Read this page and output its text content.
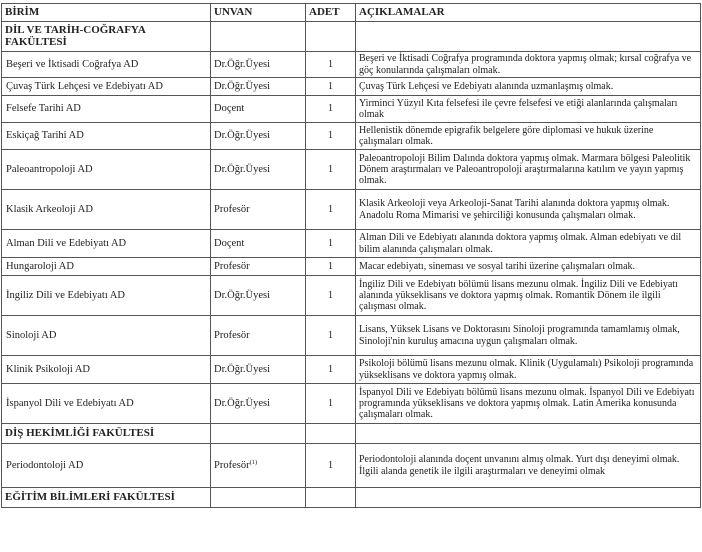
BİRİM	UNVAN	ADET	AÇIKLAMALAR
DİL VE TARİH-COĞRAFYA FAKÜLTESİ			
Beşeri ve İktisadi Coğrafya AD	Dr.Öğr.Üyesi	1	Beşeri ve İktisadi Coğrafya programında doktora yapmış olmak; kırsal coğrafya ve göç konularında çalışmaları olmak.
Çuvaş Türk Lehçesi ve Edebiyatı AD	Dr.Öğr.Üyesi	1	Çuvaş Türk Lehçesi ve Edebiyatı alanında uzmanlaşmış olmak.
Felsefe Tarihi AD	Doçent	1	Yirminci Yüzyıl Kıta felsefesi ile çevre felsefesi ve etiği alanlarında çalışmaları olmak
Eskiçağ Tarihi AD	Dr.Öğr.Üyesi	1	Hellenistik dönemde epigrafik belgelere göre diplomasi ve hukuk üzerine çalışmaları olmak.
Paleoantropoloji AD	Dr.Öğr.Üyesi	1	Paleoantropoloji Bilim Dalında doktora yapmış olmak. Marmara bölgesi Paleolitik Dönem araştırmaları ve Paleoantropoloji araştırmalarına katılım ve yayın yapmış olmak.
Klasik Arkeoloji AD	Profesör	1	Klasik Arkeoloji veya Arkeoloji-Sanat Tarihi alanında doktora yapmış olmak. Anadolu Roma Mimarisi ve şehirciliği konusunda çalışmaları olmak.
Alman Dili ve Edebiyatı AD	Doçent	1	Alman Dili ve Edebiyatı alanında doktora yapmış olmak. Alman edebiyatı ve dil bilim alanında çalışmaları olmak.
Hungaroloji AD	Profesör	1	Macar edebiyatı, sineması ve sosyal tarihi üzerine çalışmaları olmak.
İngiliz Dili ve Edebiyatı AD	Dr.Öğr.Üyesi	1	İngiliz Dili ve Edebiyatı bölümü lisans mezunu olmak. İngiliz Dili ve Edebiyatı alanında yükseklisans ve doktora yapmış olmak. Romantik Dönem ile ilgili çalışması olmak.
Sinoloji AD	Profesör	1	Lisans, Yüksek Lisans ve Doktorasını Sinoloji programında tamamlamış olmak, Sinoloji'nin kuruluş amacına uygun çalışmaları olmak.
Klinik Psikoloji AD	Dr.Öğr.Üyesi	1	Psikoloji bölümü lisans mezunu olmak. Klinik (Uygulamalı) Psikoloji programında yükseklisans ve doktora yapmış olmak.
İspanyol Dili ve Edebiyatı AD	Dr.Öğr.Üyesi	1	İspanyol Dili ve Edebiyatı bölümü lisans mezunu olmak. İspanyol Dili ve Edebiyatı programında yükseklisans ve doktora yapmış olmak. Latin Amerika konusunda çalışmaları olmak.
DİŞ HEKİMLİĞİ FAKÜLTESİ			
Periodontoloji AD	Profesör$^{(1)}$	1	Periodontoloji alanında doçent unvanını almış olmak. Yurt dışı deneyimi olmak. İlgili alanda genetik ile ilgili araştırmaları ve deneyimi olmak
EĞİTİM BİLİMLERİ FAKÜLTESİ			
